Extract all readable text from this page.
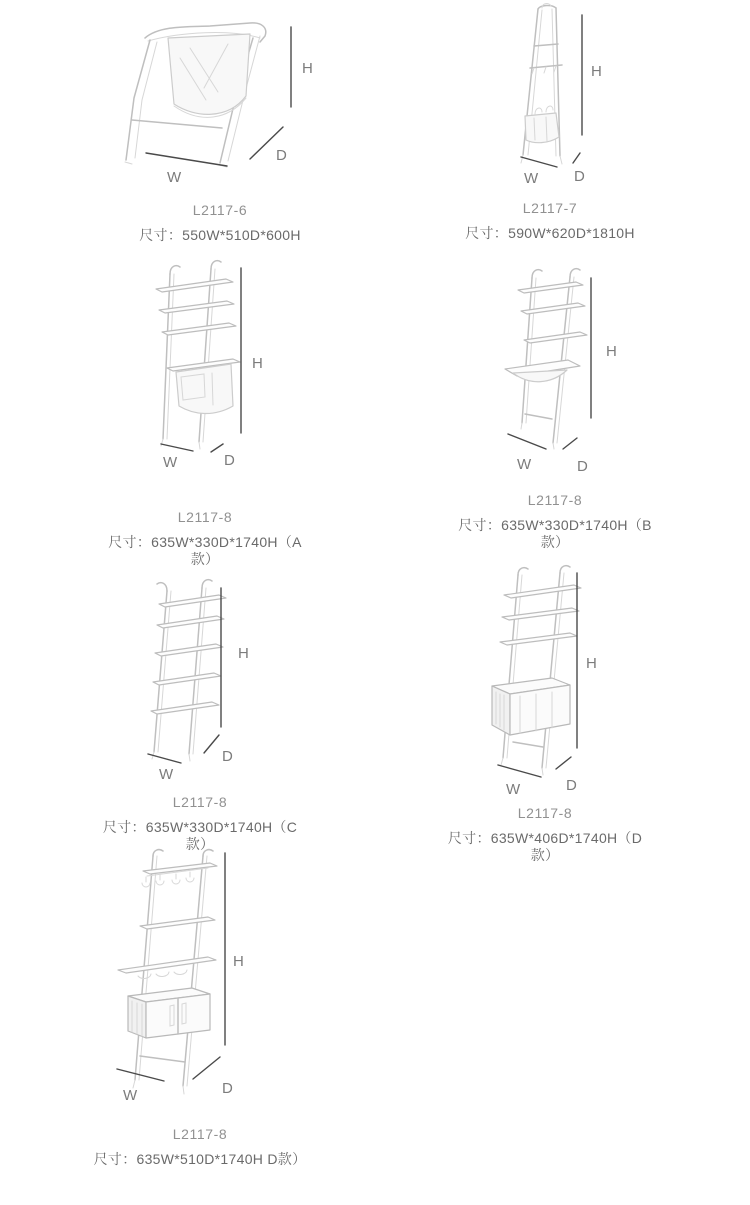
H
D
W
L2117-6
尺寸：550W*510D*600H
H
W D
L2117-7
尺寸：590W*620D*1810H
H
W	D
L2117-8
尺寸：635W*330D*1740H（A款）
H
W	D
L2117-8
尺寸：635W*330D*1740H（B款）
H
W
D
L2117-8
尺寸：635W*330D*1740H（C款）
H
W	D
L2117-8
尺寸：635W*406D*1740H（D款）
H
W	D
L2117-8
尺寸：635W*510D*1740H D款）
